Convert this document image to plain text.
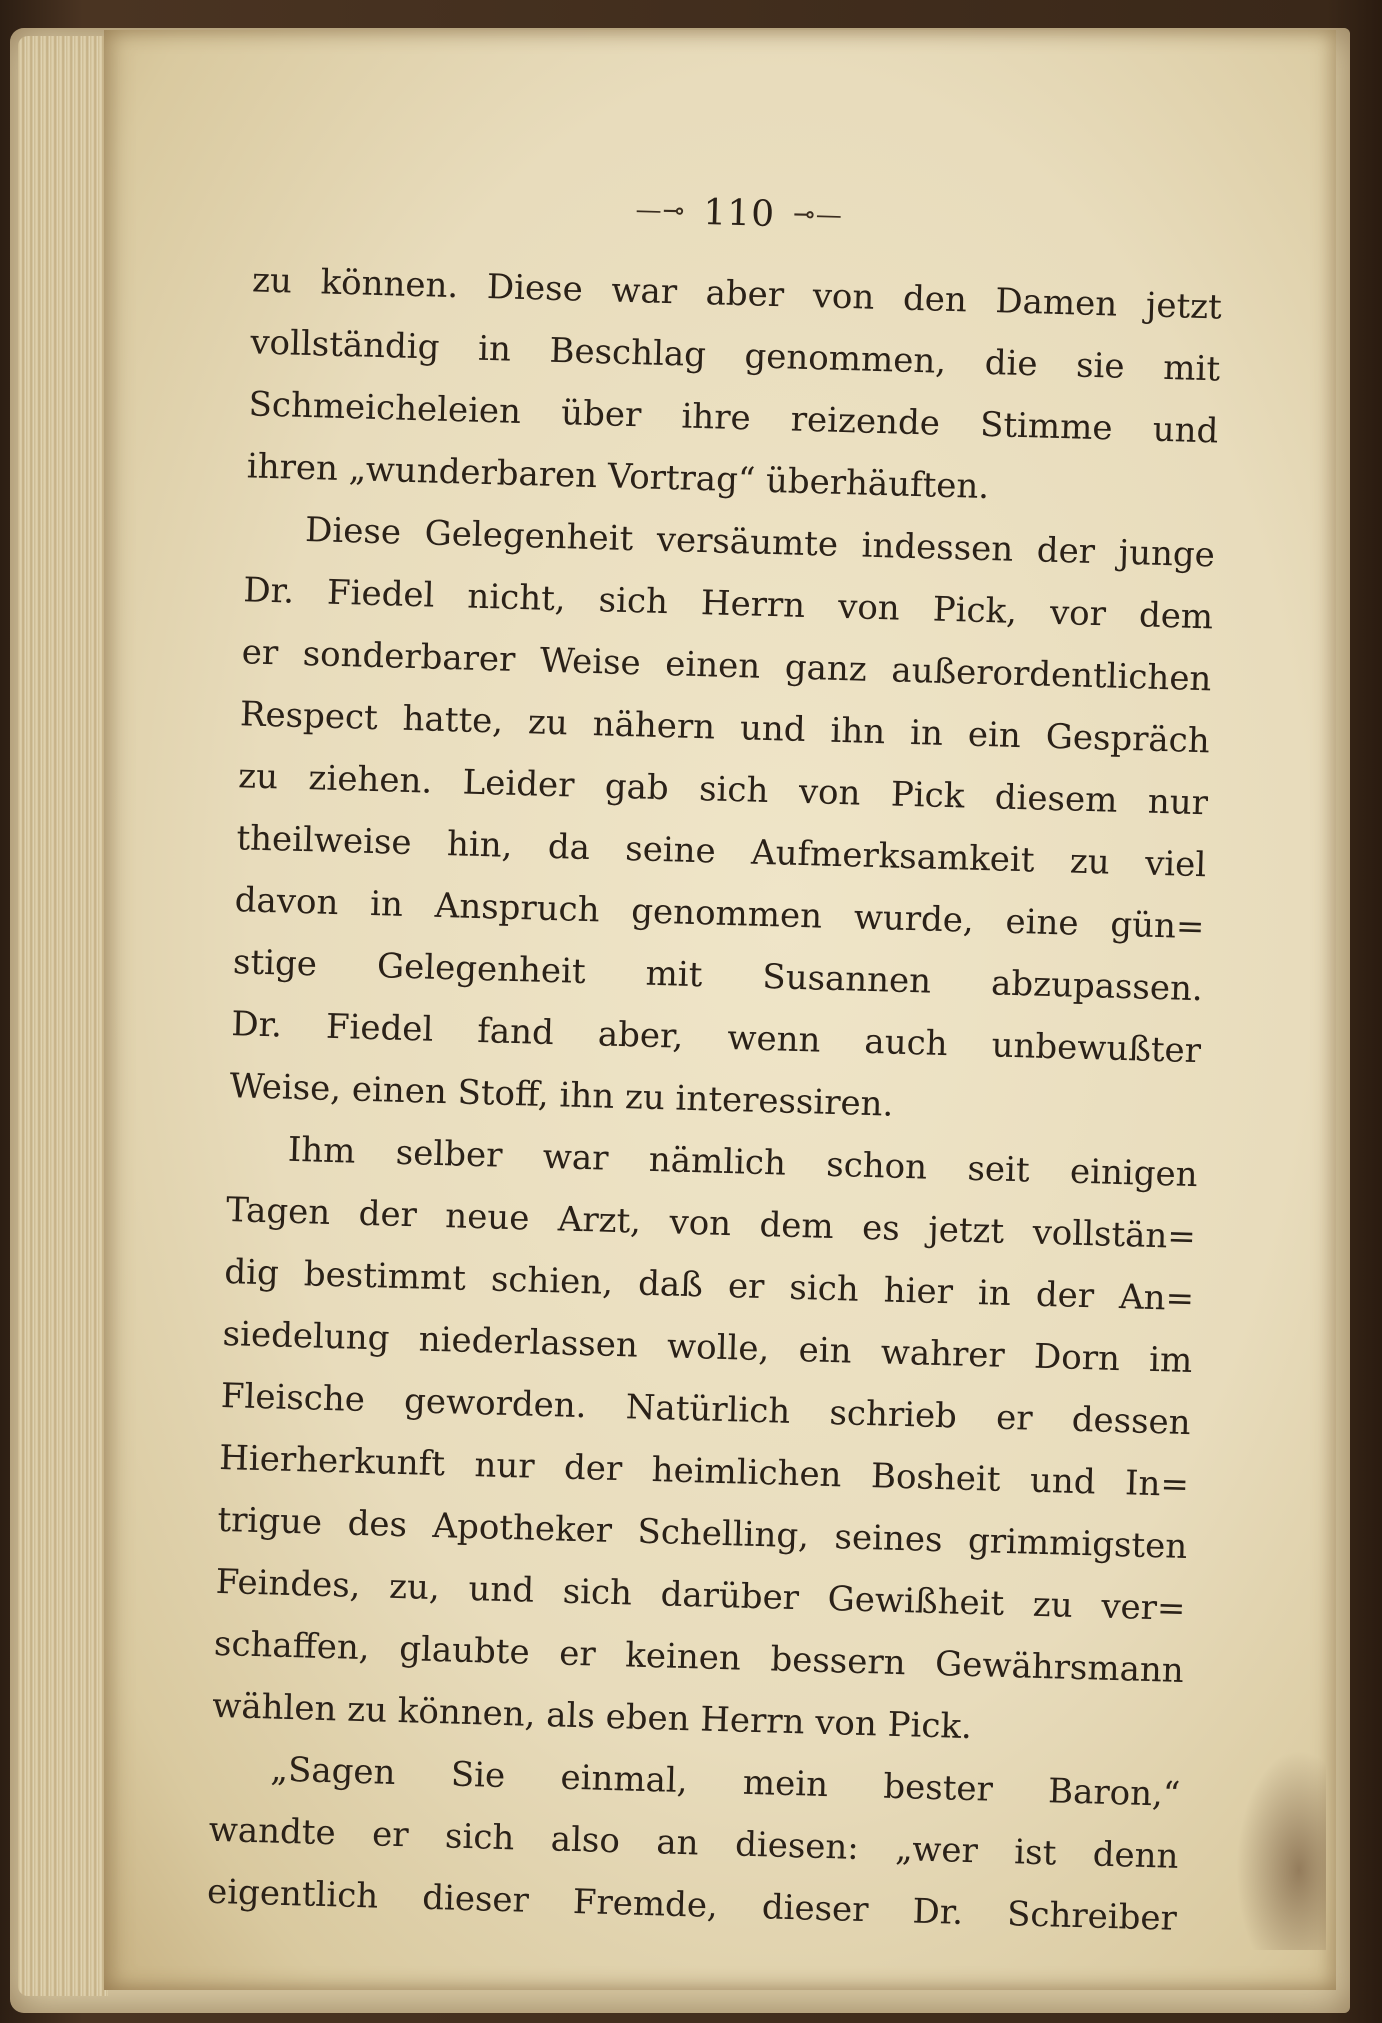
—⊸ 110 ⊸—
zu können. Diese war aber von den Damen jetzt
vollständig in Beschlag genommen, die sie mit
Schmeicheleien über ihre reizende Stimme und
ihren „wunderbaren Vortrag“ überhäuften.
Diese Gelegenheit versäumte indessen der junge
Dr. Fiedel nicht, sich Herrn von Pick, vor dem
er sonderbarer Weise einen ganz außerordentlichen
Respect hatte, zu nähern und ihn in ein Gespräch
zu ziehen. Leider gab sich von Pick diesem nur
theilweise hin, da seine Aufmerksamkeit zu viel
davon in Anspruch genommen wurde, eine gün=
stige Gelegenheit mit Susannen abzupassen.
Dr. Fiedel fand aber, wenn auch unbewußter
Weise, einen Stoff, ihn zu interessiren.
Ihm selber war nämlich schon seit einigen
Tagen der neue Arzt, von dem es jetzt vollstän=
dig bestimmt schien, daß er sich hier in der An=
siedelung niederlassen wolle, ein wahrer Dorn im
Fleische geworden. Natürlich schrieb er dessen
Hierherkunft nur der heimlichen Bosheit und In=
trigue des Apotheker Schelling, seines grimmigsten
Feindes, zu, und sich darüber Gewißheit zu ver=
schaffen, glaubte er keinen bessern Gewährsmann
wählen zu können, als eben Herrn von Pick.
„Sagen Sie einmal, mein bester Baron,“
wandte er sich also an diesen: „wer ist denn
eigentlich dieser Fremde, dieser Dr. Schreiber
